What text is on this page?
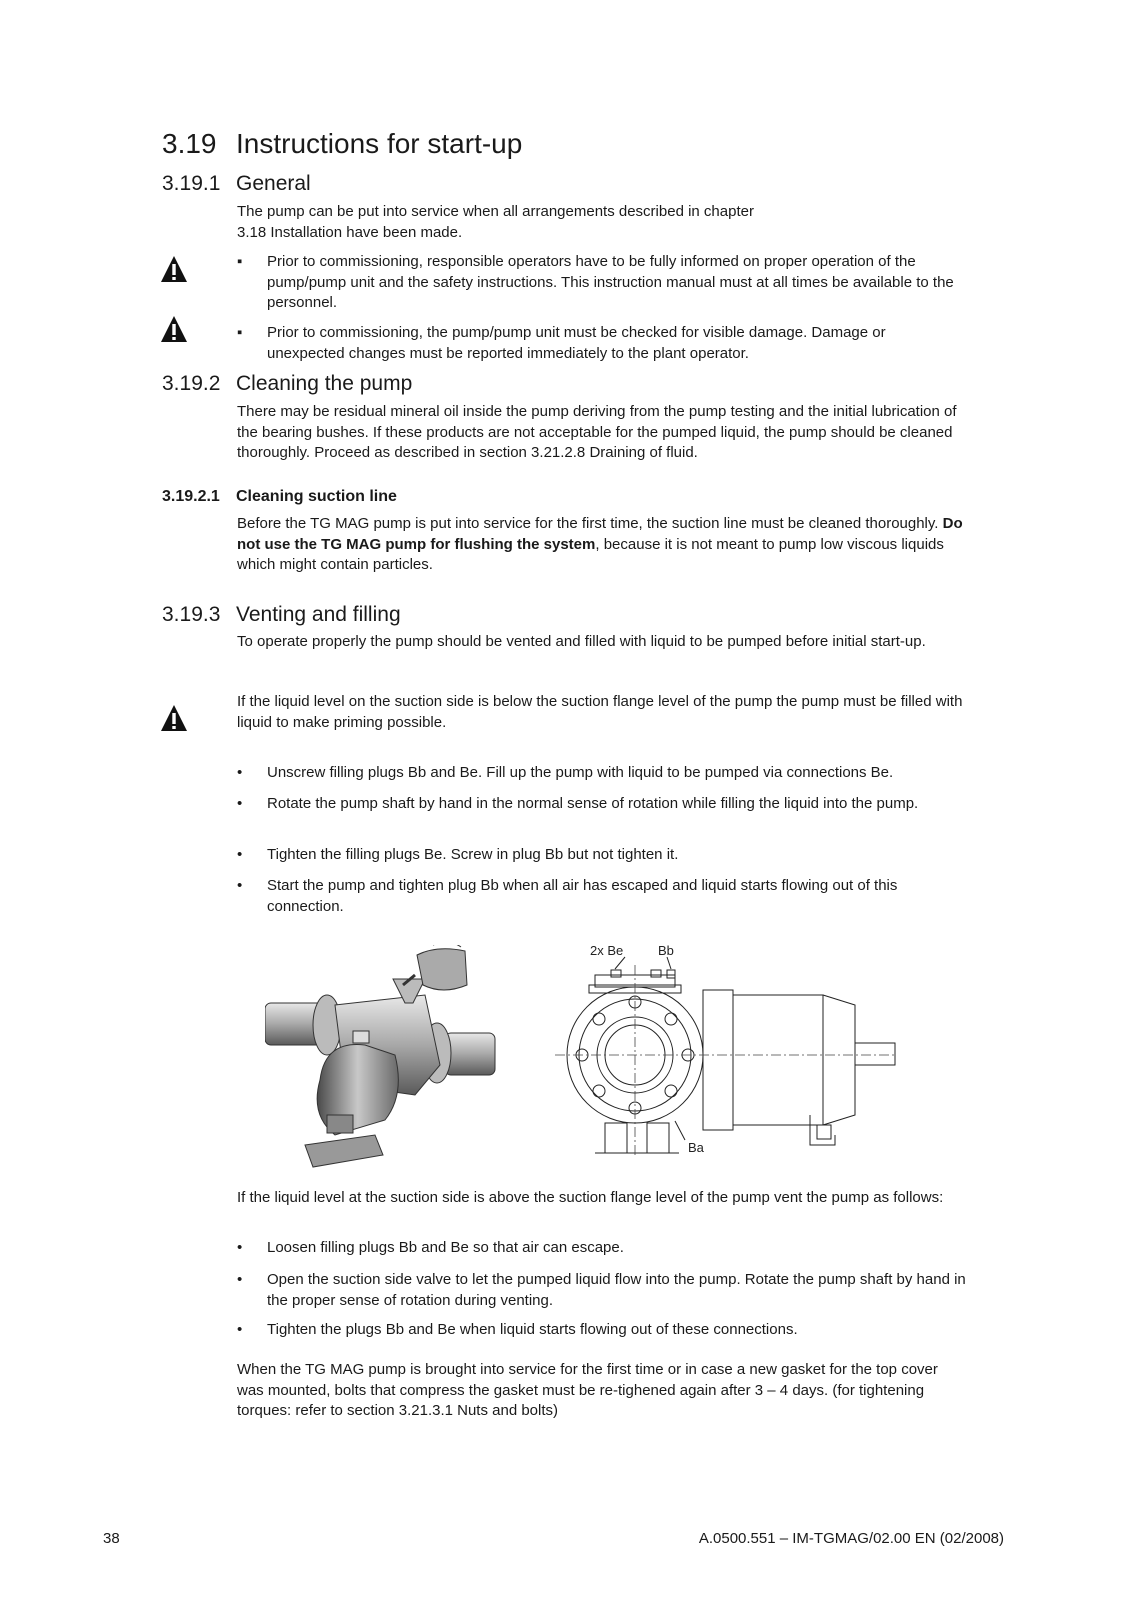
3.19 Instructions for start-up
3.19.1 General
The pump can be put into service when all arrangements described in chapter
3.18 Installation have been made.
▪	Prior to commissioning, responsible operators have to be fully informed on proper operation of the pump/pump unit and the safety instructions. This instruction manual must at all times be available to the personnel.
▪	Prior to commissioning, the pump/pump unit must be checked for visible damage. Damage or unexpected changes must be reported immediately to the plant operator.
3.19.2 Cleaning the pump

There may be residual mineral oil inside the pump deriving from the pump testing and the initial lubrication of the bearing bushes. If these products are not acceptable for the pumped liquid, the pump should be cleaned thoroughly. Proceed as described in section 3.21.2.8 Draining of fluid.

3.19.2.1 Cleaning suction line

Before the TG MAG pump is put into service for the first time, the suction line must be cleaned thoroughly. Do not use the TG MAG pump for flushing the system, because it is not meant to pump low viscous liquids which might contain particles.

3.19.3 Venting and filling

To operate properly the pump should be vented and filled with liquid to be pumped before initial start-up.

If the liquid level on the suction side is below the suction flange level of the pump the pump must be filled with liquid to make priming possible.

•	Unscrew filling plugs Bb and Be. Fill up the pump with liquid to be pumped via connections Be.
•	Rotate the pump shaft by hand in the normal sense of rotation while filling the liquid into the pump.
•	Tighten the filling plugs Be. Screw in plug Bb but not tighten it.
•	Start the pump and tighten plug Bb when all air has escaped and liquid starts flowing out of this connection.
2x Be	Bb
Ba

If the liquid level at the suction side is above the suction flange level of the pump vent the pump as follows:

•	Loosen filling plugs Bb and Be so that air can escape.
•	Open the suction side valve to let the pumped liquid flow into the pump. Rotate the pump shaft by hand in the proper sense of rotation during venting.
•	Tighten the plugs Bb and Be when liquid starts flowing out of these connections.

When the TG MAG pump is brought into service for the first time or in case a new gasket for the top cover was mounted, bolts that compress the gasket must be re-tighened again after 3 – 4 days. (for tightening torques: refer to section 3.21.3.1 Nuts and bolts)

38	A.0500.551 – IM-TGMAG/02.00 EN (02/2008)
